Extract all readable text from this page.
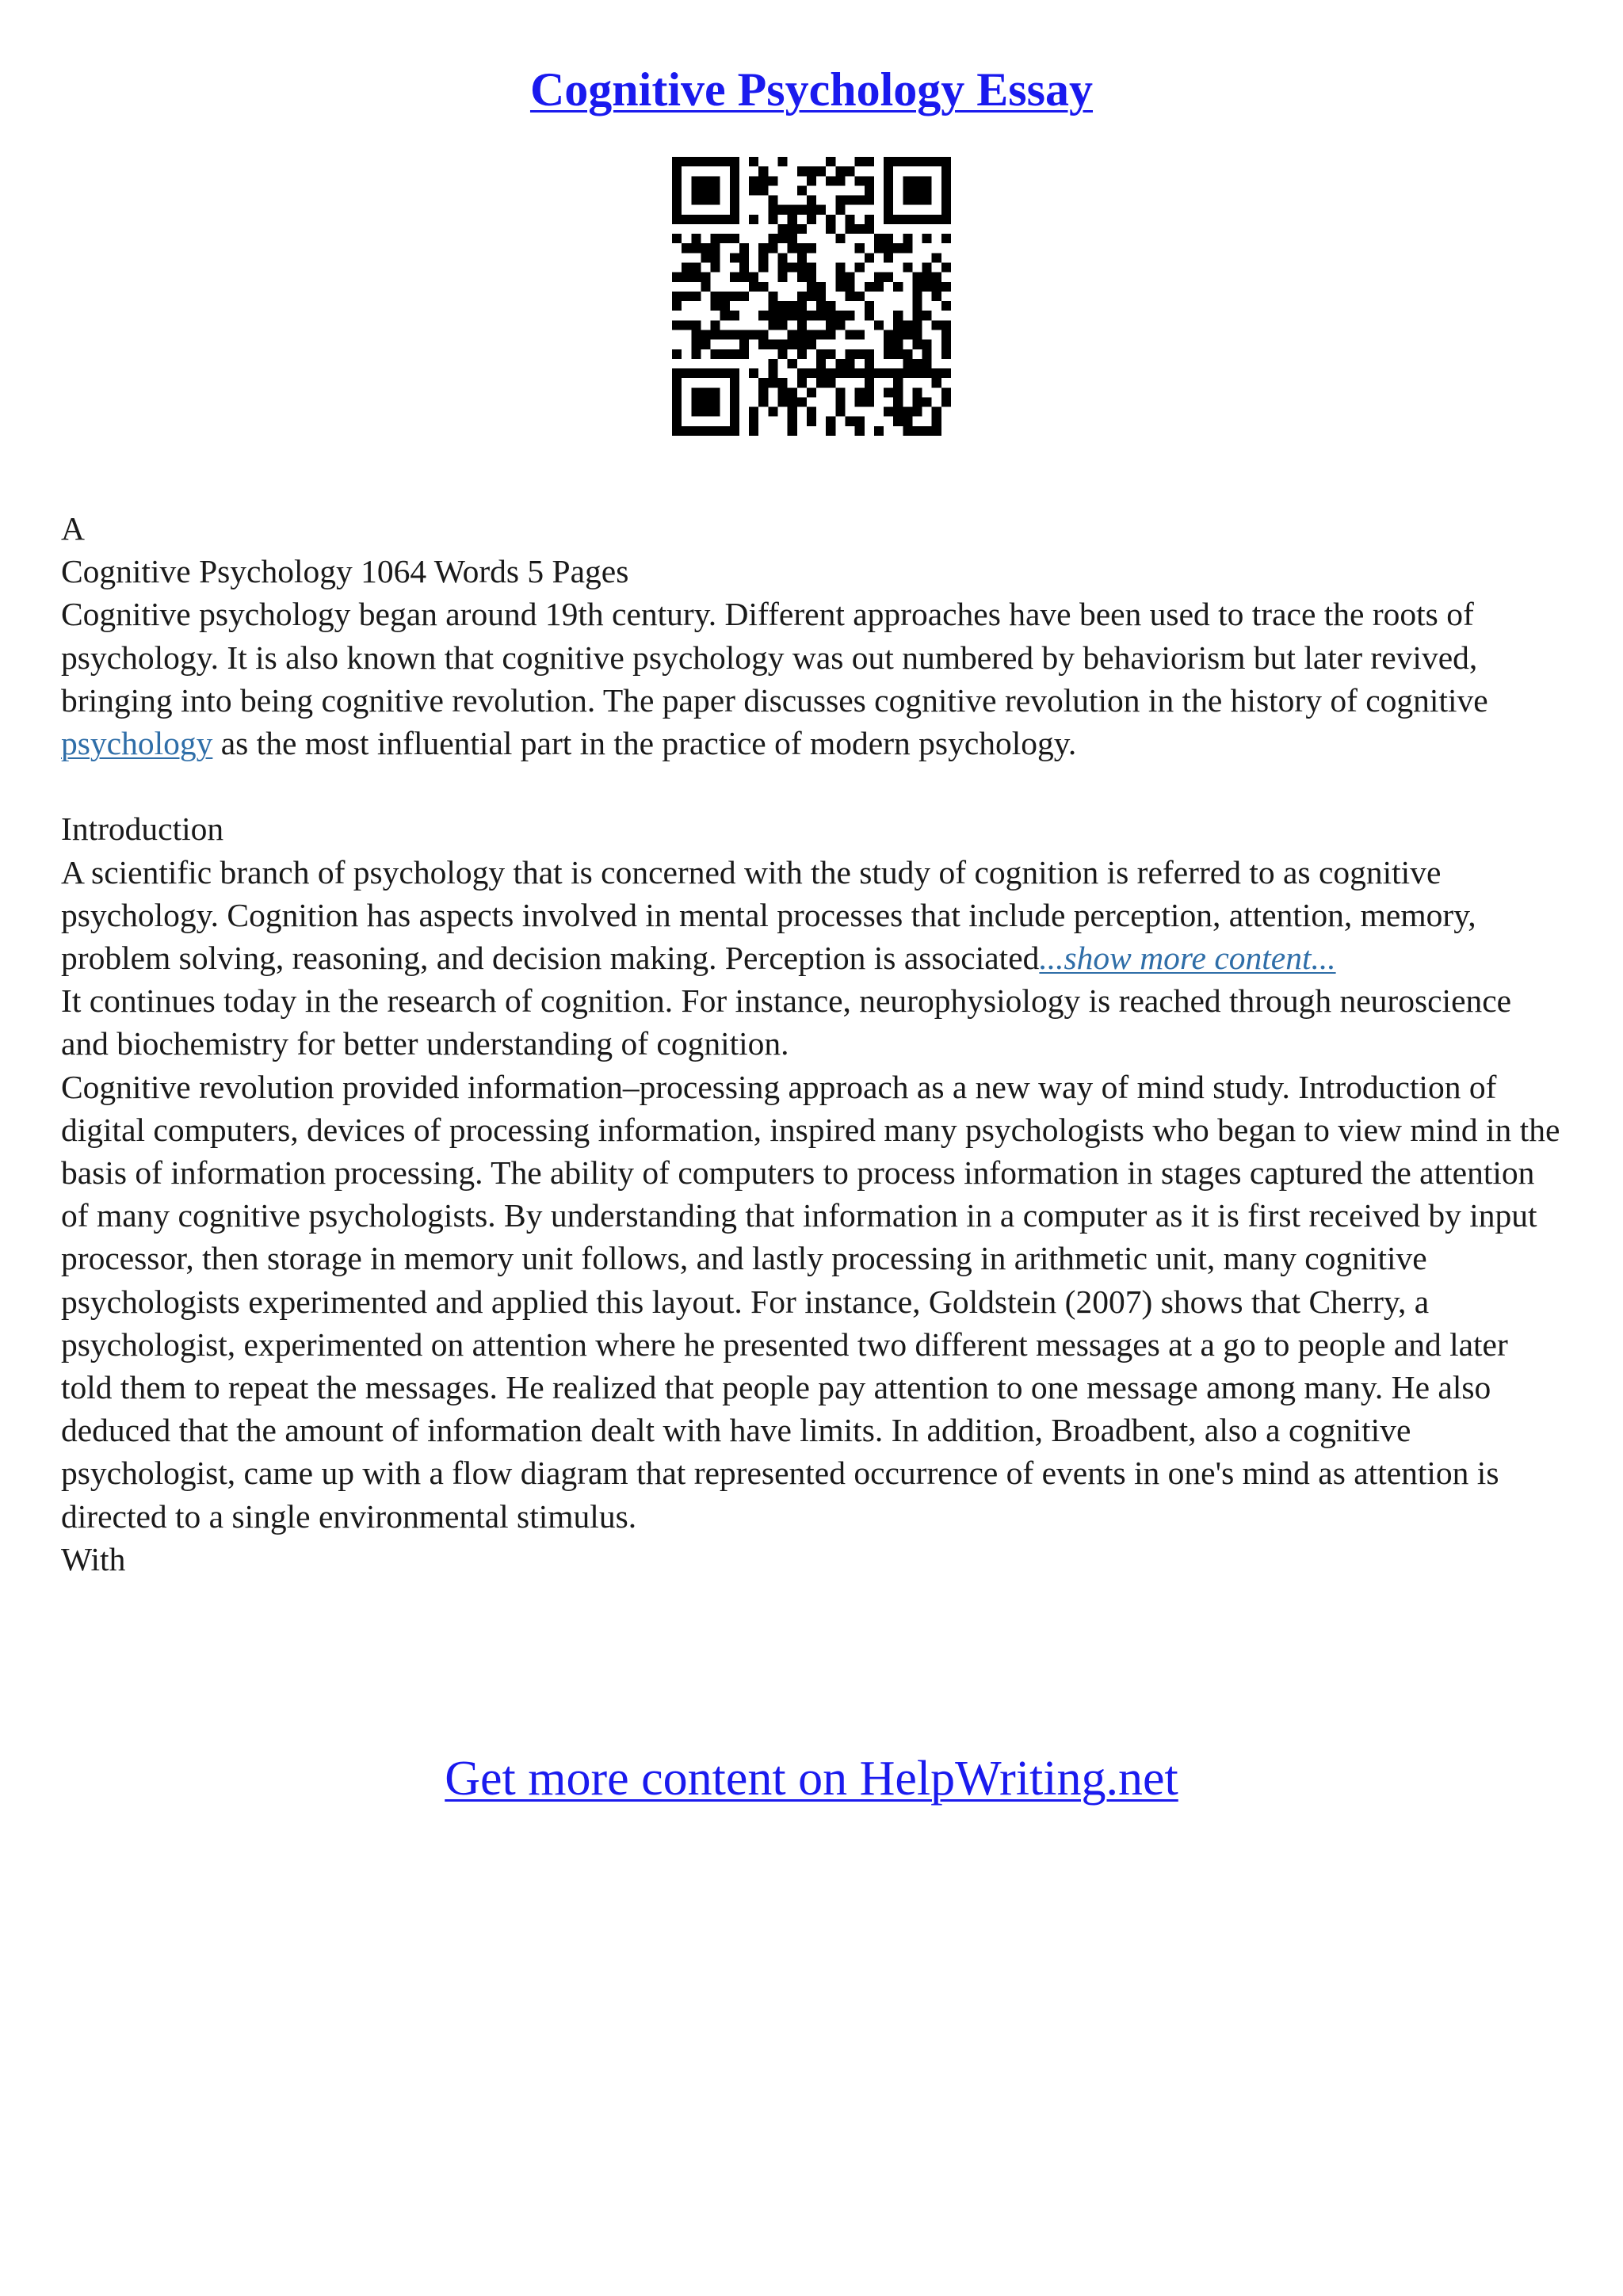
Cognitive Psychology Essay

A

Cognitive Psychology 1064 Words 5 Pages

Cognitive psychology began around 19th century. Different approaches have been used to trace the roots of psychology. It is also known that cognitive psychology was out numbered by behaviorism but later revived, bringing into being cognitive revolution. The paper discusses cognitive revolution in the history of cognitive psychology as the most influential part in the practice of modern psychology.

Introduction

A scientific branch of psychology that is concerned with the study of cognition is referred to as cognitive psychology. Cognition has aspects involved in mental processes that include perception, attention, memory, problem solving, reasoning, and decision making. Perception is associated...show more content...

It continues today in the research of cognition. For instance, neurophysiology is reached through neuroscience and biochemistry for better understanding of cognition.

Cognitive revolution provided information–processing approach as a new way of mind study. Introduction of digital computers, devices of processing information, inspired many psychologists who began to view mind in the basis of information processing. The ability of computers to process information in stages captured the attention of many cognitive psychologists. By understanding that information in a computer as it is first received by input processor, then storage in memory unit follows, and lastly processing in arithmetic unit, many cognitive psychologists experimented and applied this layout. For instance, Goldstein (2007) shows that Cherry, a psychologist, experimented on attention where he presented two different messages at a go to people and later told them to repeat the messages. He realized that people pay attention to one message among many. He also deduced that the amount of information dealt with have limits. In addition, Broadbent, also a cognitive psychologist, came up with a flow diagram that represented occurrence of events in one's mind as attention is directed to a single environmental stimulus.

With

Get more content on HelpWriting.net
